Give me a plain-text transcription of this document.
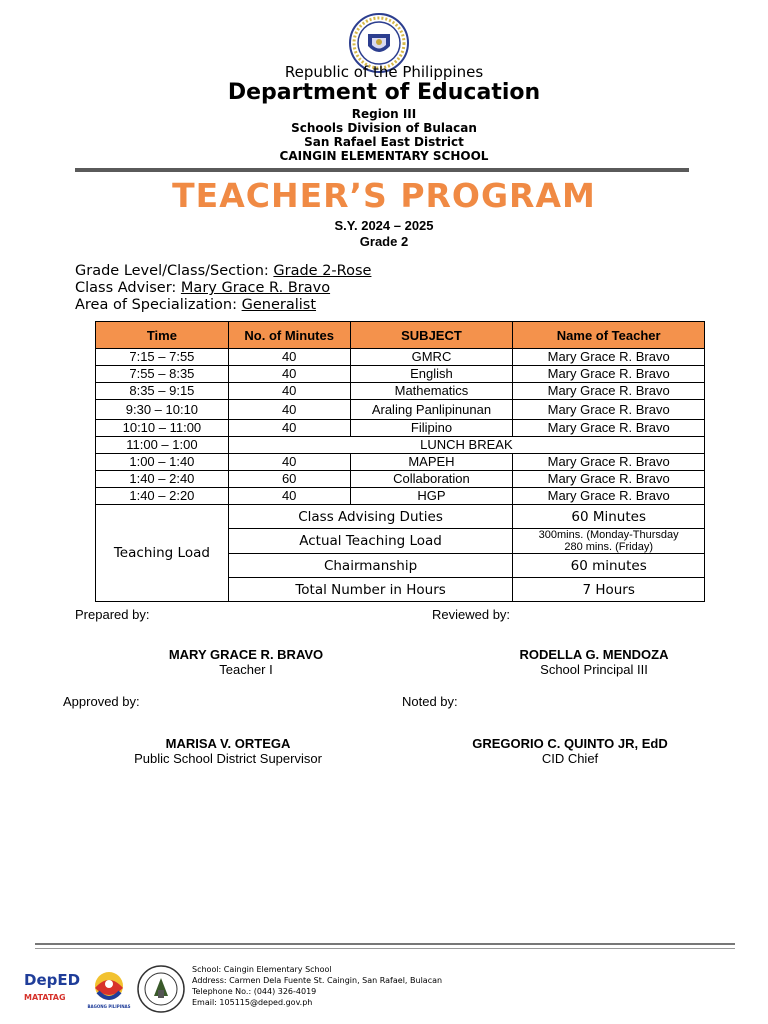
Republic of the Philippines
Department of Education
Region III
Schools Division of Bulacan
San Rafael East District
CAINGIN ELEMENTARY SCHOOL
TEACHER’S PROGRAM
S.Y. 2024 – 2025
Grade 2
Grade Level/Class/Section: Grade 2-Rose
Class Adviser: Mary Grace R. Bravo
Area of Specialization: Generalist
Time	No. of Minutes	SUBJECT	Name of Teacher
7:15 – 7:55	40	GMRC	Mary Grace R. Bravo
7:55 – 8:35	40	English	Mary Grace R. Bravo
8:35 – 9:15	40	Mathematics	Mary Grace R. Bravo
9:30 – 10:10	40	Araling Panlipinunan	Mary Grace R. Bravo
10:10 – 11:00	40	Filipino	Mary Grace R. Bravo
11:00 – 1:00	LUNCH BREAK		
1:00 – 1:40	40	MAPEH	Mary Grace R. Bravo
1:40 – 2:40	60	Collaboration	Mary Grace R. Bravo
1:40 – 2:20	40	HGP	Mary Grace R. Bravo
Teaching Load	Class Advising Duties		60 Minutes
	Actual Teaching Load		300mins. (Monday-Thursday
280 mins. (Friday)

	Chairmanship		60 minutes
	Total Number in Hours		7 Hours
Prepared by:	Reviewed by:
MARY GRACE R. BRAVO
Teacher I
RODELLA G. MENDOZA
School Principal III
Approved by:	Noted by:
MARISA V. ORTEGA
Public School District Supervisor
GREGORIO C. QUINTO JR, EdD
CID Chief
DepED
MATATAG
BAGONG PILIPINAS
School: Caingin Elementary School
Address: Carmen Dela Fuente St. Caingin, San Rafael, Bulacan
Telephone No.: (044) 326-4019
Email: 105115@deped.gov.ph
